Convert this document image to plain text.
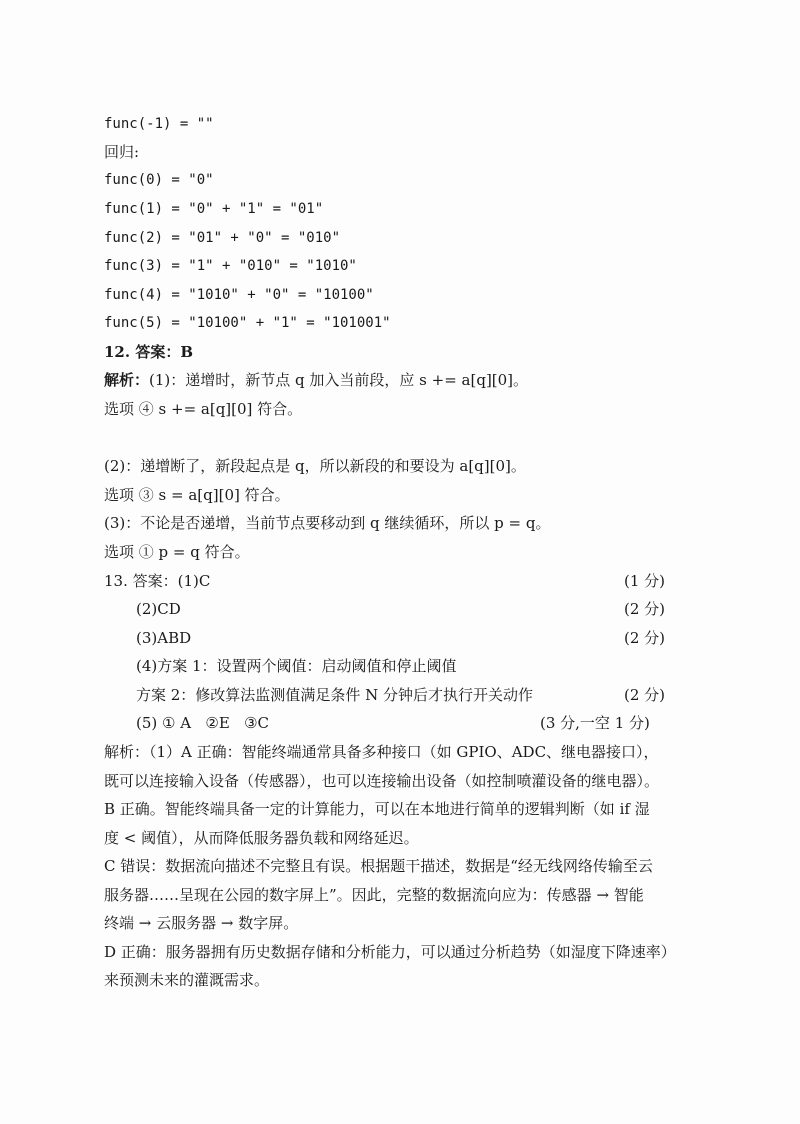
func(-1) = ""
回归:
func(0) = "0"
func(1) = "0" + "1" = "01"
func(2) = "01" + "0" = "010"
func(3) = "1" + "010" = "1010"
func(4) = "1010" + "0" = "10100"
func(5) = "10100" + "1" = "101001"
12. 答案：B
解析：(1)：递增时，新节点 q 加入当前段，应 s += a[q][0]。
选项 ④ s += a[q][0] 符合。
(2)：递增断了，新段起点是 q，所以新段的和要设为 a[q][0]。
选项 ③ s = a[q][0] 符合。
(3)：不论是否递增，当前节点要移动到 q 继续循环，所以 p = q。
选项 ① p = q 符合。
13. 答案：(1)C	(1 分)
(2)CD	(2 分)
(3)ABD	(2 分)
(4)方案 1：设置两个阈值：启动阈值和停止阈值
方案 2：修改算法监测值满足条件 N 分钟后才执行开关动作	(2 分)
(5) ① A   ②E   ③C	(3 分,一空 1 分)
解析：（1）A 正确：智能终端通常具备多种接口（如 GPIO、ADC、继电器接口），
既可以连接输入设备（传感器），也可以连接输出设备（如控制喷灌设备的继电器）。
B 正确。智能终端具备一定的计算能力，可以在本地进行简单的逻辑判断（如 if 湿
度 < 阈值），从而降低服务器负载和网络延迟。
C 错误：数据流向描述不完整且有误。根据题干描述，数据是“经无线网络传输至云
服务器……呈现在公园的数字屏上”。因此，完整的数据流向应为：传感器 → 智能
终端 → 云服务器 → 数字屏。
D 正确：服务器拥有历史数据存储和分析能力，可以通过分析趋势（如湿度下降速率）
来预测未来的灌溉需求。
